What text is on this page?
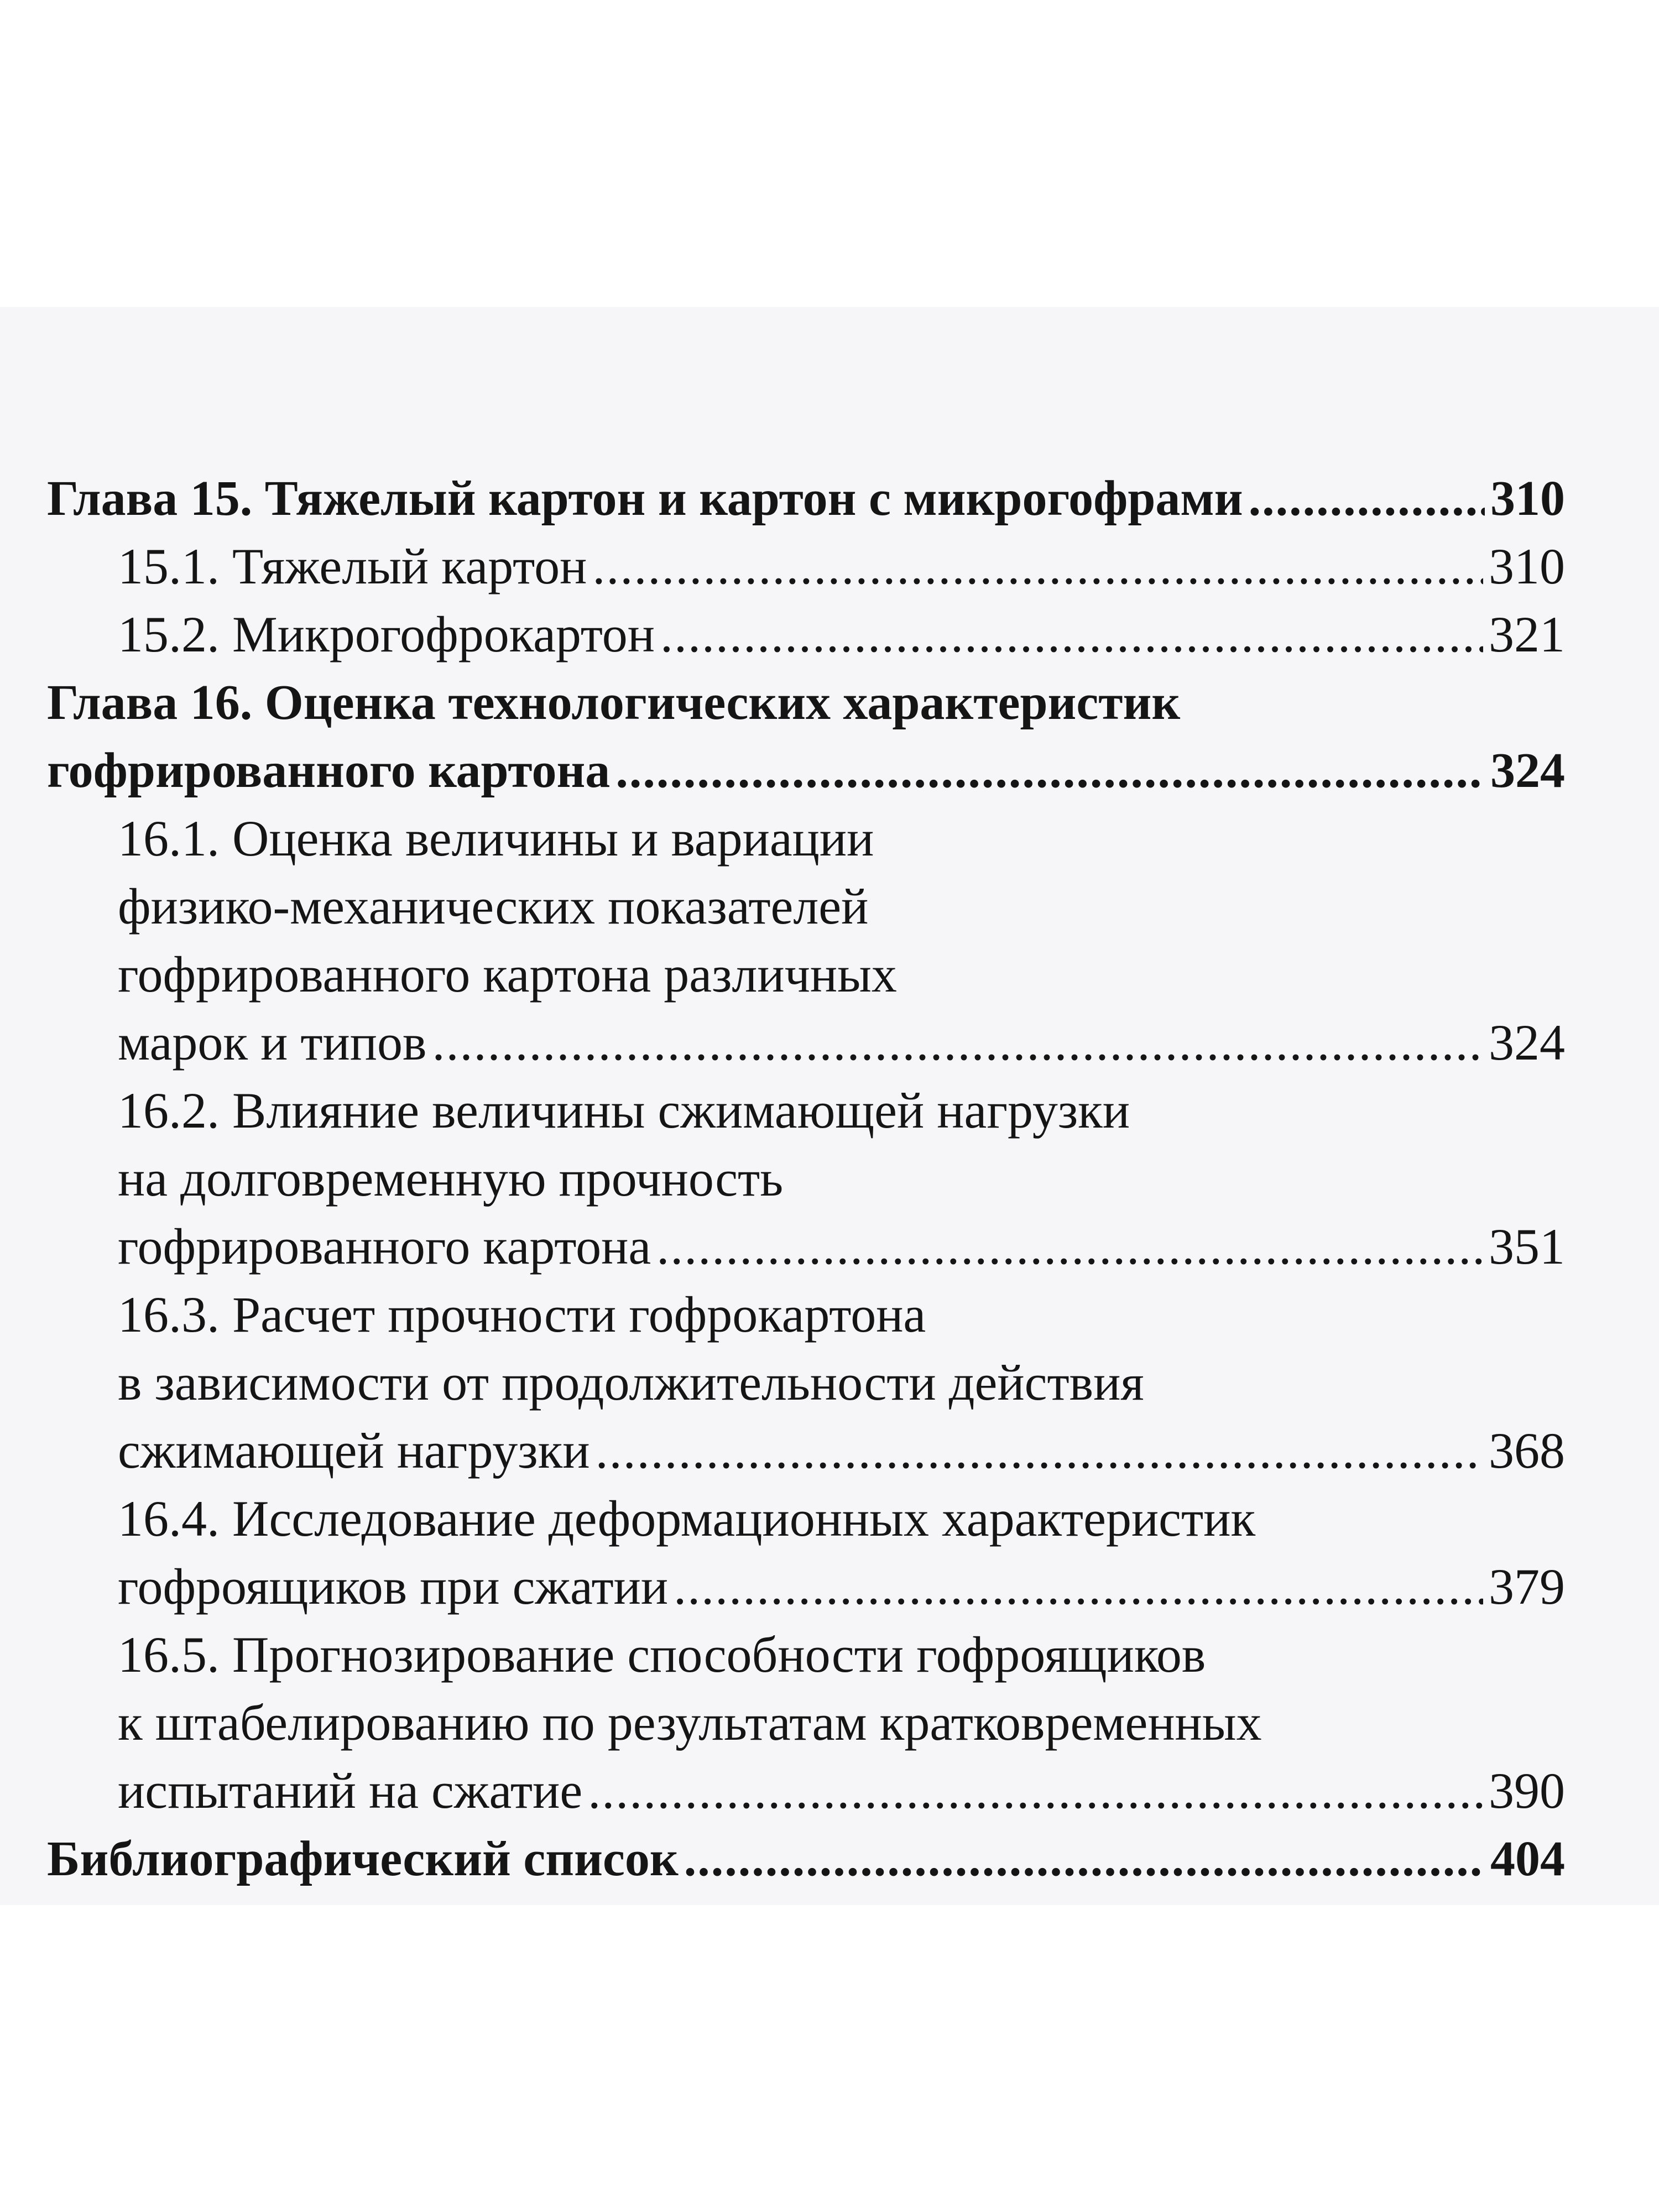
Глава 15. Тяжелый картон и картон с микрогофрами .....	310
15.1. Тяжелый картон .....	310
15.2. Микрогофрокартон .....	321
Глава 16. Оценка технологических характеристик
гофрированного картона .....	324
16.1. Оценка величины и вариации
физико-механических показателей
гофрированного картона различных
марок и типов .....	324
16.2. Влияние величины сжимающей нагрузки
на долговременную прочность
гофрированного картона .....	351
16.3. Расчет прочности гофрокартона
в зависимости от продолжительности действия
сжимающей нагрузки .....	368
16.4. Исследование деформационных характеристик
гофроящиков при сжатии .....	379
16.5. Прогнозирование способности гофроящиков
к штабелированию по результатам кратковременных
испытаний на сжатие .....	390
Библиографический список .....	404
